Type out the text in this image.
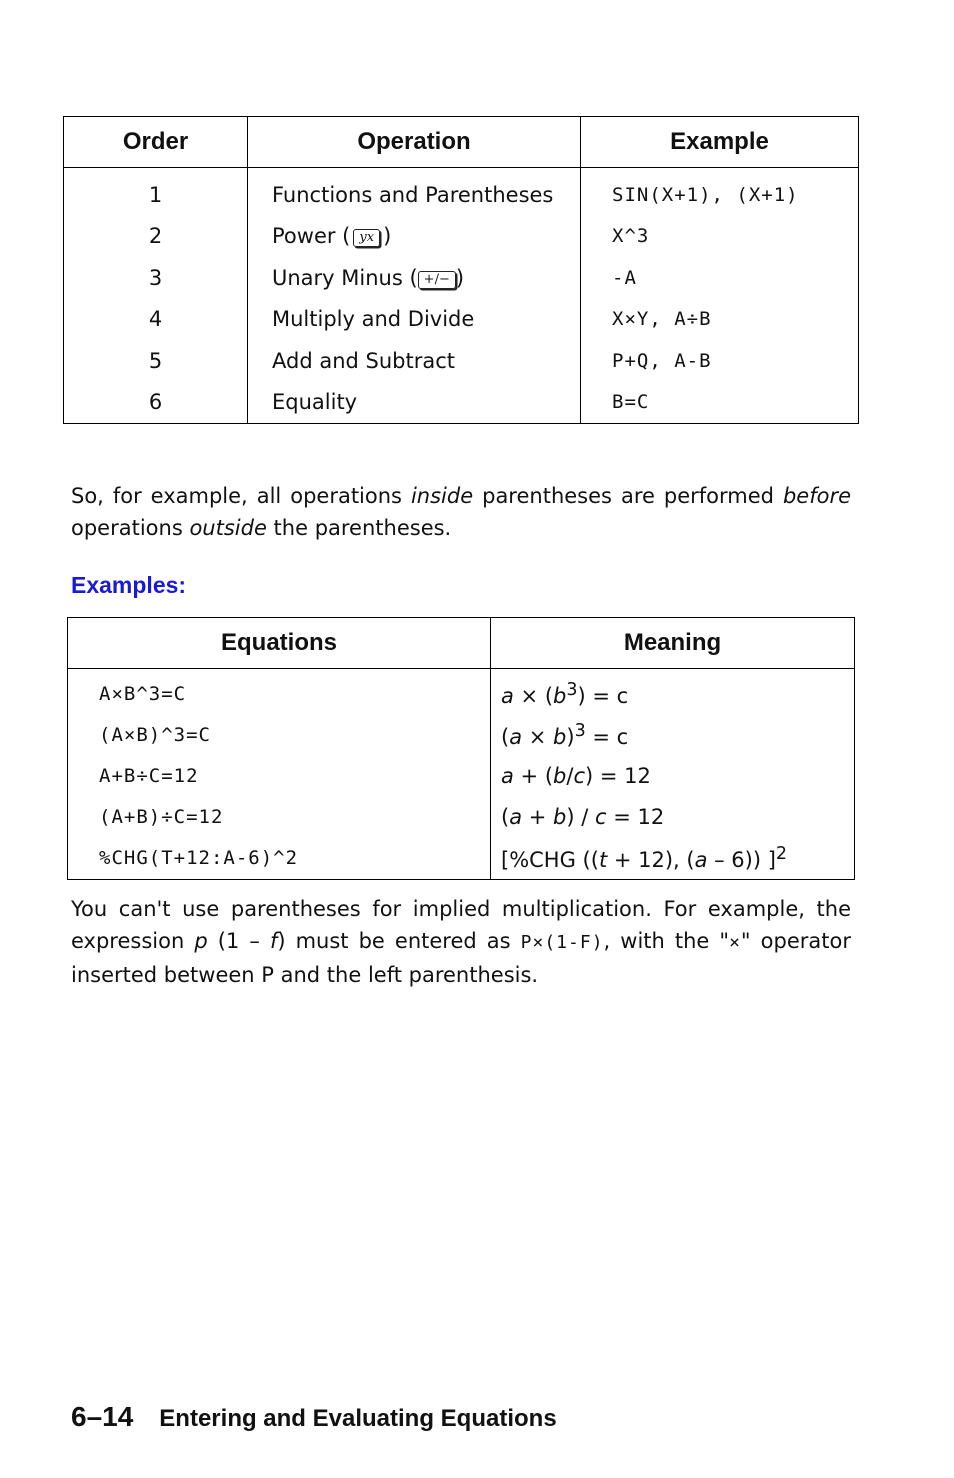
Order	Operation	Example
1	Functions and Parentheses	SIN(X+1), (X+1)
2	Power ( yx )	X^3
3	Unary Minus ( +/− )	-A
4	Multiply and Divide	X×Y, A÷B
5	Add and Subtract	P+Q, A-B
6	Equality	B=C

So, for example, all operations inside parentheses are performed before operations outside the parentheses.

Examples:
Equations	Meaning
A×B^3=C	$a \times (b^3) = c$
(A×B)^3=C	$(a \times b)^3 = c$
A+B÷C=12	a + (b/c) = 12
(A+B)÷C=12	(a + b) / c = 12
%CHG(T+12:A-6)^2	[%CHG ((t + 12), (a – 6)) ]$^2$

You can't use parentheses for implied multiplication. For example, the expression p (1 – f) must be entered as P×(1-F), with the "×" operator inserted between P and the left parenthesis.

6–14 Entering and Evaluating Equations
